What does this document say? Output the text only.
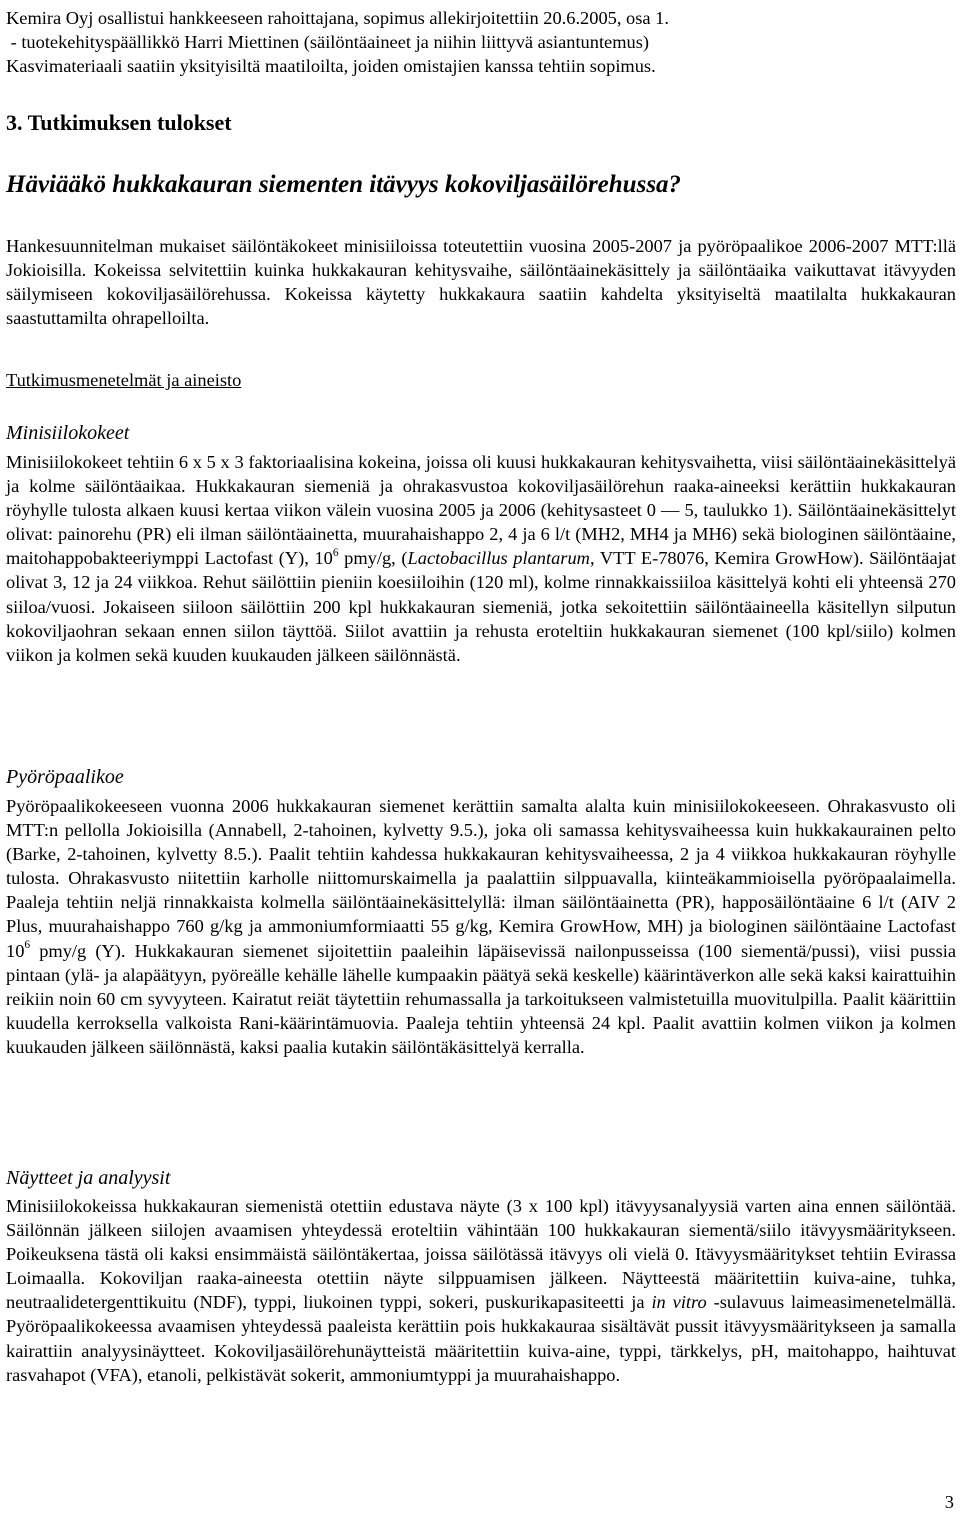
Kemira Oyj osallistui hankkeeseen rahoittajana, sopimus allekirjoitettiin 20.6.2005, osa 1.

- tuotekehityspäällikkö Harri Miettinen (säilöntäaineet ja niihin liittyvä asiantuntemus)

Kasvimateriaali saatiin yksityisiltä maatiloilta, joiden omistajien kanssa tehtiin sopimus.

3. Tutkimuksen tulokset
Häviääkö hukkakauran siementen itävyys kokoviljasäilörehussa?

Hankesuunnitelman mukaiset säilöntäkokeet minisiiloissa toteutettiin vuosina 2005-2007 ja pyöröpaalikoe 2006-2007 MTT:llä Jokioisilla. Kokeissa selvitettiin kuinka hukkakauran kehitysvaihe, säilöntäainekäsittely ja säilöntäaika vaikuttavat itävyyden säilymiseen kokoviljasäilörehussa. Kokeissa käytetty hukkakaura saatiin kahdelta yksityiseltä maatilalta hukkakauran saastuttamilta ohrapelloilta.

Tutkimusmenetelmät ja aineisto

Minisiilokokeet

Minisiilokokeet tehtiin 6 x 5 x 3 faktoriaalisina kokeina, joissa oli kuusi hukkakauran kehitysvaihetta, viisi säilöntäainekäsittelyä ja kolme säilöntäaikaa. Hukkakauran siemeniä ja ohrakasvustoa kokoviljasäilörehun raaka-aineeksi kerättiin hukkakauran röyhylle tulosta alkaen kuusi kertaa viikon välein vuosina 2005 ja 2006 (kehitysasteet 0 — 5, taulukko 1). Säilöntäainekäsittelyt olivat: painorehu (PR) eli ilman säilöntäainetta, muurahaishappo 2, 4 ja 6 l/t (MH2, MH4 ja MH6) sekä biologinen säilöntäaine, maitohappobakteeriymppi Lactofast (Y), $10^6$ pmy/g, (Lactobacillus plantarum, VTT E-78076, Kemira GrowHow). Säilöntäajat olivat 3, 12 ja 24 viikkoa. Rehut säilöttiin pieniin koesiiloihin (120 ml), kolme rinnakkaissiiloa käsittelyä kohti eli yhteensä 270 siiloa/vuosi. Jokaiseen siiloon säilöttiin 200 kpl hukkakauran siemeniä, jotka sekoitettiin säilöntäaineella käsitellyn silputun kokoviljaohran sekaan ennen siilon täyttöä. Siilot avattiin ja rehusta eroteltiin hukkakauran siemenet (100 kpl/siilo) kolmen viikon ja kolmen sekä kuuden kuukauden jälkeen säilönnästä.

Pyöröpaalikoe

Pyöröpaalikokeeseen vuonna 2006 hukkakauran siemenet kerättiin samalta alalta kuin minisiilokokeeseen. Ohrakasvusto oli MTT:n pellolla Jokioisilla (Annabell, 2-tahoinen, kylvetty 9.5.), joka oli samassa kehitysvaiheessa kuin hukkakaurainen pelto (Barke, 2-tahoinen, kylvetty 8.5.). Paalit tehtiin kahdessa hukkakauran kehitysvaiheessa, 2 ja 4 viikkoa hukkakauran röyhylle tulosta. Ohrakasvusto niitettiin karholle niittomurskaimella ja paalattiin silppuavalla, kiinteäkammioisella pyöröpaalaimella. Paaleja tehtiin neljä rinnakkaista kolmella säilöntäainekäsittelyllä: ilman säilöntäainetta (PR), happosäilöntäaine 6 l/t (AIV 2 Plus, muurahaishappo 760 g/kg ja ammoniumformiaatti 55 g/kg, Kemira GrowHow, MH) ja biologinen säilöntäaine Lactofast $10^6$ pmy/g (Y). Hukkakauran siemenet sijoitettiin paaleihin läpäisevissä nailonpusseissa (100 siementä/pussi), viisi pussia pintaan (ylä- ja alapäätyyn, pyöreälle kehälle lähelle kumpaakin päätyä sekä keskelle) käärintäverkon alle sekä kaksi kairattuihin reikiin noin 60 cm syvyyteen. Kairatut reiät täytettiin rehumassalla ja tarkoitukseen valmistetuilla muovitulpilla. Paalit käärittiin kuudella kerroksella valkoista Rani-käärintämuovia. Paaleja tehtiin yhteensä 24 kpl. Paalit avattiin kolmen viikon ja kolmen kuukauden jälkeen säilönnästä, kaksi paalia kutakin säilöntäkäsittelyä kerralla.

Näytteet ja analyysit

Minisiilokokeissa hukkakauran siemenistä otettiin edustava näyte (3 x 100 kpl) itävyysanalyysiä varten aina ennen säilöntää. Säilönnän jälkeen siilojen avaamisen yhteydessä eroteltiin vähintään 100 hukkakauran siementä/siilo itävyysmääritykseen. Poikeuksena tästä oli kaksi ensimmäistä säilöntäkertaa, joissa säilötässä itävyys oli vielä 0. Itävyysmääritykset tehtiin Evirassa Loimaalla. Kokoviljan raaka-aineesta otettiin näyte silppuamisen jälkeen. Näytteestä määritettiin kuiva-aine, tuhka, neutraalidetergenttikuitu (NDF), typpi, liukoinen typpi, sokeri, puskurikapasiteetti ja in vitro -sulavuus laimeasimenetelmällä. Pyöröpaalikokeessa avaamisen yhteydessä paaleista kerättiin pois hukkakauraa sisältävät pussit itävyysmääritykseen ja samalla kairattiin analyysinäytteet. Kokoviljasäilörehunäytteistä määritettiin kuiva-aine, typpi, tärkkelys, pH, maitohappo, haihtuvat rasvahapot (VFA), etanoli, pelkistävät sokerit, ammoniumtyppi ja muurahaishappo.

3
